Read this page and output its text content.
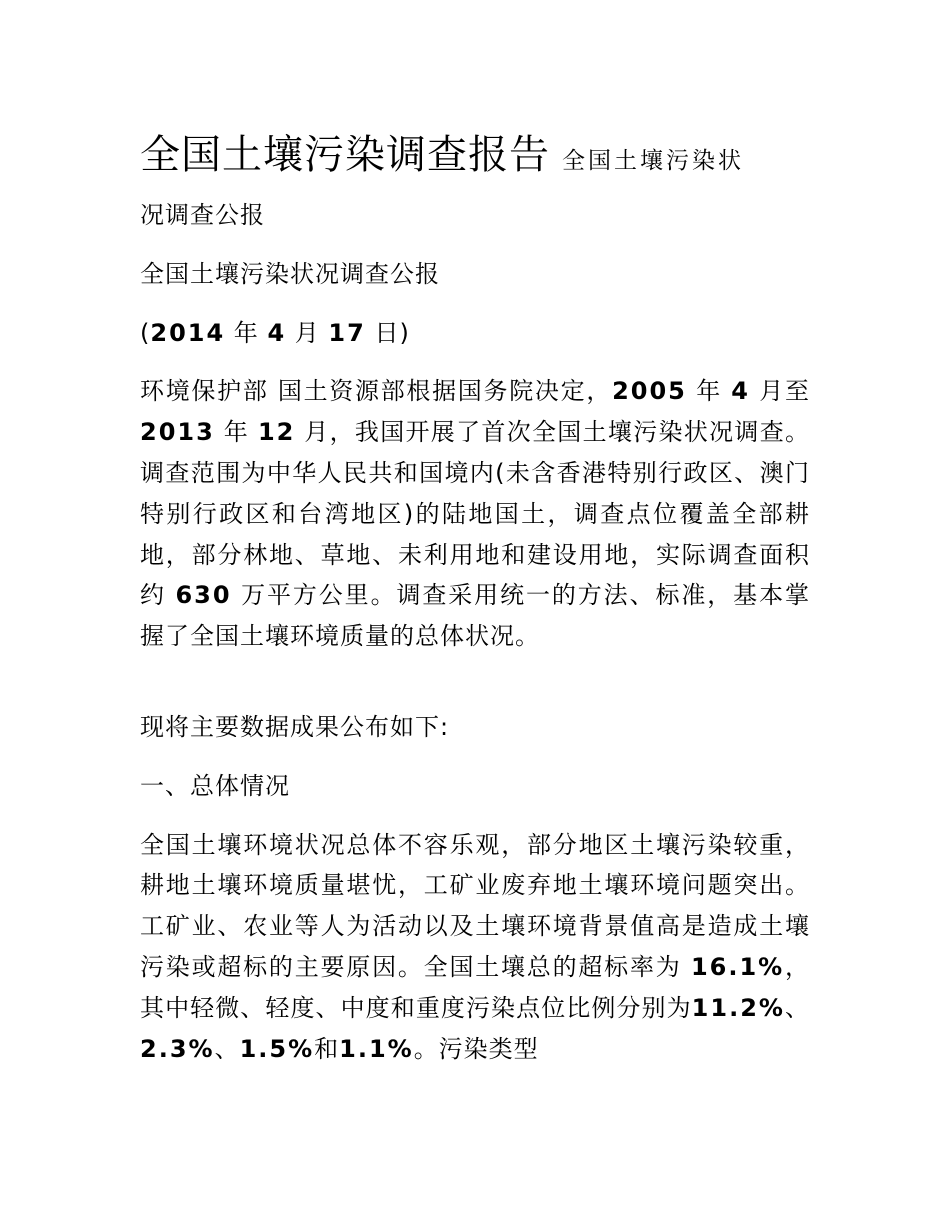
全国土壤污染调查报告 全国土壤污染状

况调查公报

全国土壤污染状况调查公报

(2014 年 4 月 17 日)

环境保护部 国土资源部根据国务院决定，2005 年 4 月至 2013 年 12 月，我国开展了首次全国土壤污染状况调查。调查范围为中华人民共和国境内(未含香港特别行政区、澳门特别行政区和台湾地区)的陆地国土，调查点位覆盖全部耕地，部分林地、草地、未利用地和建设用地，实际调查面积约 630 万平方公里。调查采用统一的方法、标准，基本掌握了全国土壤环境质量的总体状况。

现将主要数据成果公布如下:

一、总体情况

全国土壤环境状况总体不容乐观，部分地区土壤污染较重，耕地土壤环境质量堪忧，工矿业废弃地土壤环境问题突出。工矿业、农业等人为活动以及土壤环境背景值高是造成土壤污染或超标的主要原因。全国土壤总的超标率为 16.1%，其中轻微、轻度、中度和重度污染点位比例分别为11.2%、2.3%、1.5%和1.1%。污染类型
